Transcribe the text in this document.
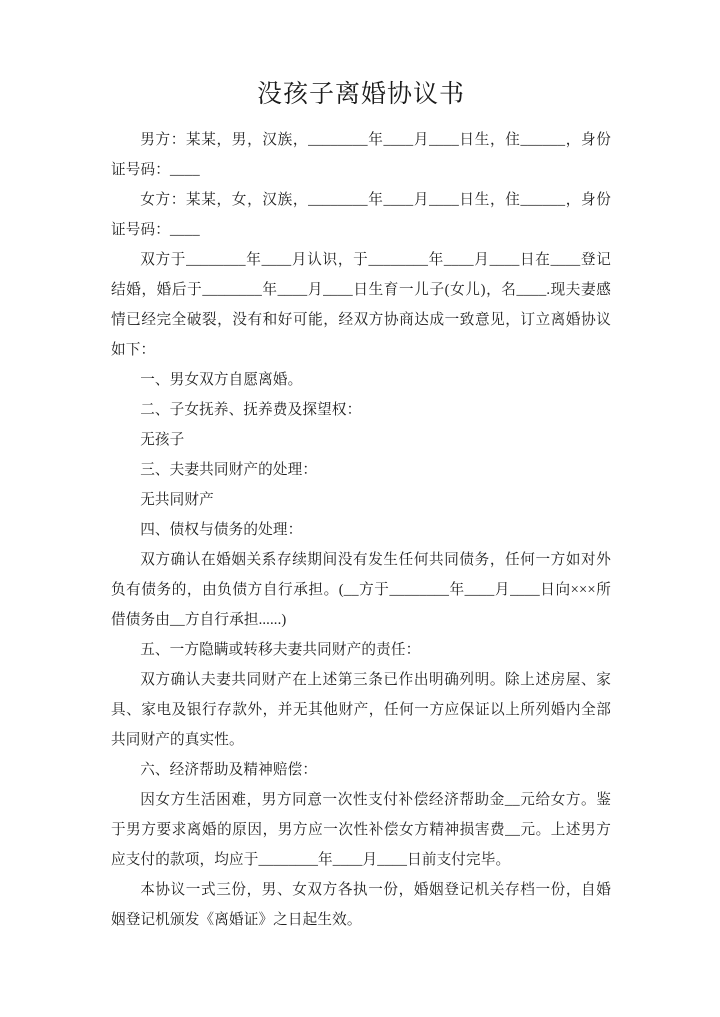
没孩子离婚协议书

男方：某某，男，汉族，________年____月____日生，住______，身份证号码：____

女方：某某，女，汉族，________年____月____日生，住______，身份证号码：____

双方于________年____月认识，于________年____月____日在____登记结婚，婚后于________年____月____日生育一儿子(女儿)，名____.现夫妻感情已经完全破裂，没有和好可能，经双方协商达成一致意见，订立离婚协议如下：

一、男女双方自愿离婚。

二、子女抚养、抚养费及探望权：

无孩子

三、夫妻共同财产的处理：

无共同财产

四、债权与债务的处理：

双方确认在婚姻关系存续期间没有发生任何共同债务，任何一方如对外负有债务的，由负债方自行承担。(__方于________年____月____日向×××所借债务由__方自行承担......)

五、一方隐瞒或转移夫妻共同财产的责任：

双方确认夫妻共同财产在上述第三条已作出明确列明。除上述房屋、家具、家电及银行存款外，并无其他财产，任何一方应保证以上所列婚内全部共同财产的真实性。

六、经济帮助及精神赔偿：

因女方生活困难，男方同意一次性支付补偿经济帮助金__元给女方。鉴于男方要求离婚的原因，男方应一次性补偿女方精神损害费__元。上述男方应支付的款项，均应于________年____月____日前支付完毕。

本协议一式三份，男、女双方各执一份，婚姻登记机关存档一份，自婚姻登记机颁发《离婚证》之日起生效。
